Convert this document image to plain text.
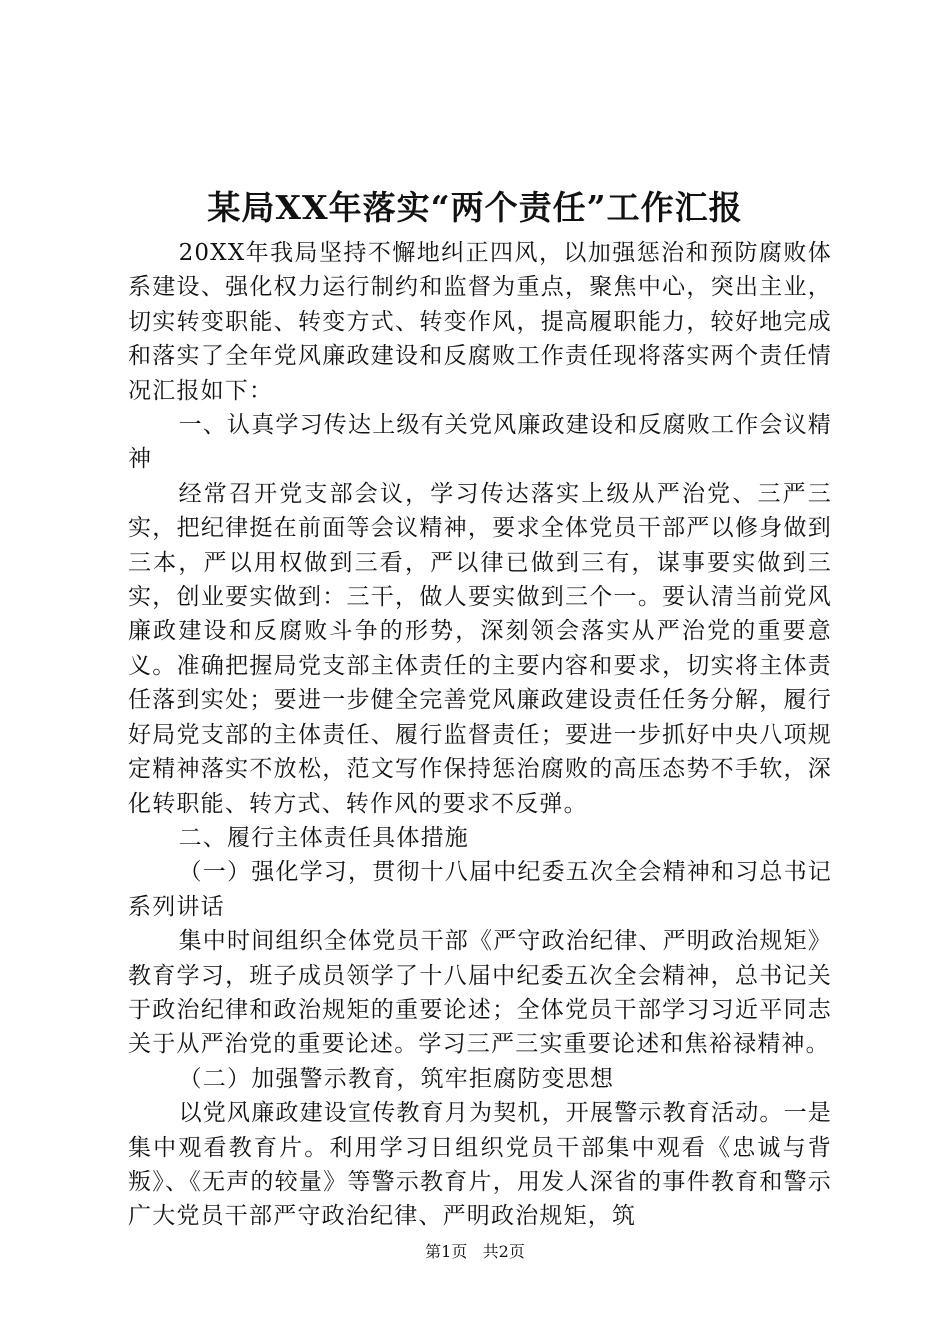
某局XX年落实“两个责任”工作汇报

20XX年我局坚持不懈地纠正四风，以加强惩治和预防腐败体系建设、强化权力运行制约和监督为重点，聚焦中心，突出主业，切实转变职能、转变方式、转变作风，提高履职能力，较好地完成和落实了全年党风廉政建设和反腐败工作责任现将落实两个责任情况汇报如下：

一、认真学习传达上级有关党风廉政建设和反腐败工作会议精神

经常召开党支部会议，学习传达落实上级从严治党、三严三实，把纪律挺在前面等会议精神，要求全体党员干部严以修身做到三本，严以用权做到三看，严以律已做到三有，谋事要实做到三实，创业要实做到：三干，做人要实做到三个一。要认清当前党风廉政建设和反腐败斗争的形势，深刻领会落实从严治党的重要意义。准确把握局党支部主体责任的主要内容和要求，切实将主体责任落到实处；要进一步健全完善党风廉政建设责任任务分解，履行好局党支部的主体责任、履行监督责任；要进一步抓好中央八项规定精神落实不放松，范文写作保持惩治腐败的高压态势不手软，深化转职能、转方式、转作风的要求不反弹。

二、履行主体责任具体措施

（一）强化学习，贯彻十八届中纪委五次全会精神和习总书记系列讲话

集中时间组织全体党员干部《严守政治纪律、严明政治规矩》教育学习，班子成员领学了十八届中纪委五次全会精神，总书记关于政治纪律和政治规矩的重要论述；全体党员干部学习习近平同志关于从严治党的重要论述。学习三严三实重要论述和焦裕禄精神。

（二）加强警示教育，筑牢拒腐防变思想

以党风廉政建设宣传教育月为契机，开展警示教育活动。一是集中观看教育片。利用学习日组织党员干部集中观看《忠诚与背叛》、《无声的较量》等警示教育片，用发人深省的事件教育和警示广大党员干部严守政治纪律、严明政治规矩，筑

第1页 共2页
